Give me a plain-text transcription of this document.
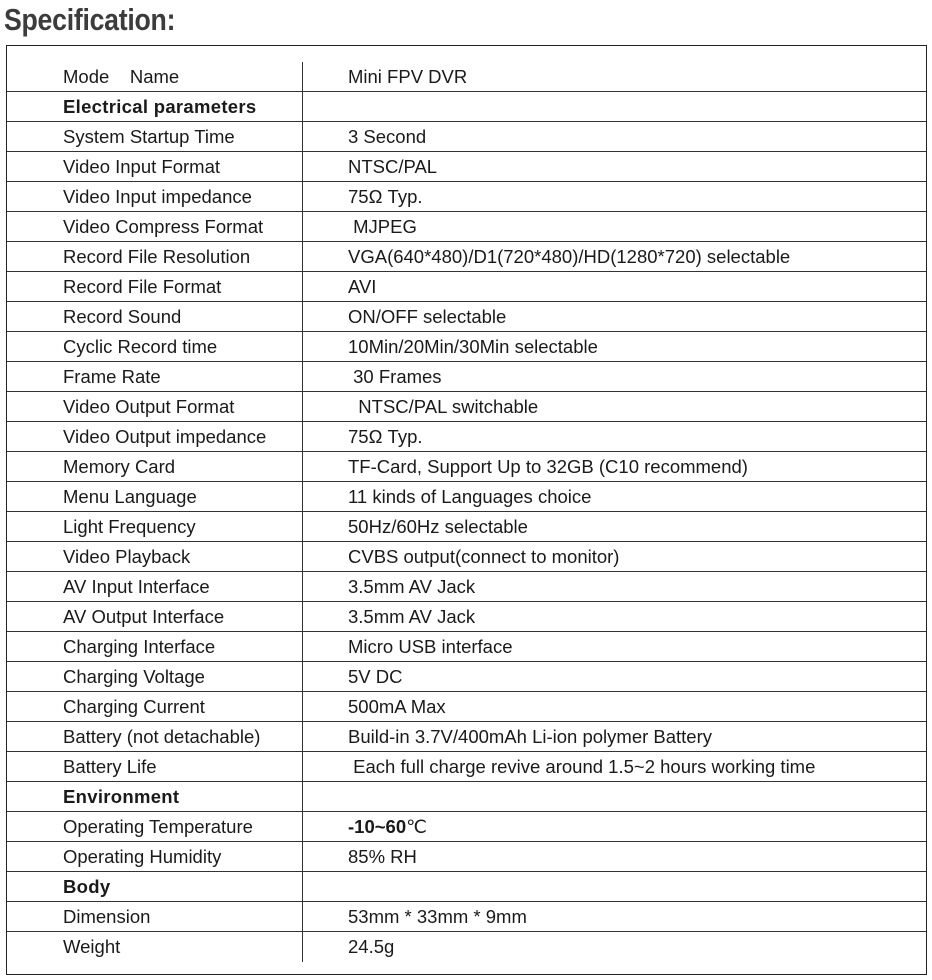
Specification:
Mode    Name	Mini FPV DVR
Electrical parameters
System Startup Time	3 Second
Video Input Format	NTSC/PAL
Video Input impedance	75Ω Typ.
Video Compress Format	MJPEG
Record File Resolution	VGA(640*480)/D1(720*480)/HD(1280*720) selectable
Record File Format	AVI
Record Sound	ON/OFF selectable
Cyclic Record time	10Min/20Min/30Min selectable
Frame Rate	30 Frames
Video Output Format	NTSC/PAL switchable
Video Output impedance	75Ω Typ.
Memory Card	TF-Card, Support Up to 32GB (C10 recommend)
Menu Language	11 kinds of Languages choice
Light Frequency	50Hz/60Hz selectable
Video Playback	CVBS output(connect to monitor)
AV Input Interface	3.5mm AV Jack
AV Output Interface	3.5mm AV Jack
Charging Interface	Micro USB interface
Charging Voltage	5V DC
Charging Current	500mA Max
Battery (not detachable)	Build-in 3.7V/400mAh Li-ion polymer Battery
Battery Life	Each full charge revive around 1.5~2 hours working time
Environment
Operating Temperature	-10~60 ℃
Operating Humidity	85% RH
Body
Dimension	53mm * 33mm * 9mm
Weight	24.5g
